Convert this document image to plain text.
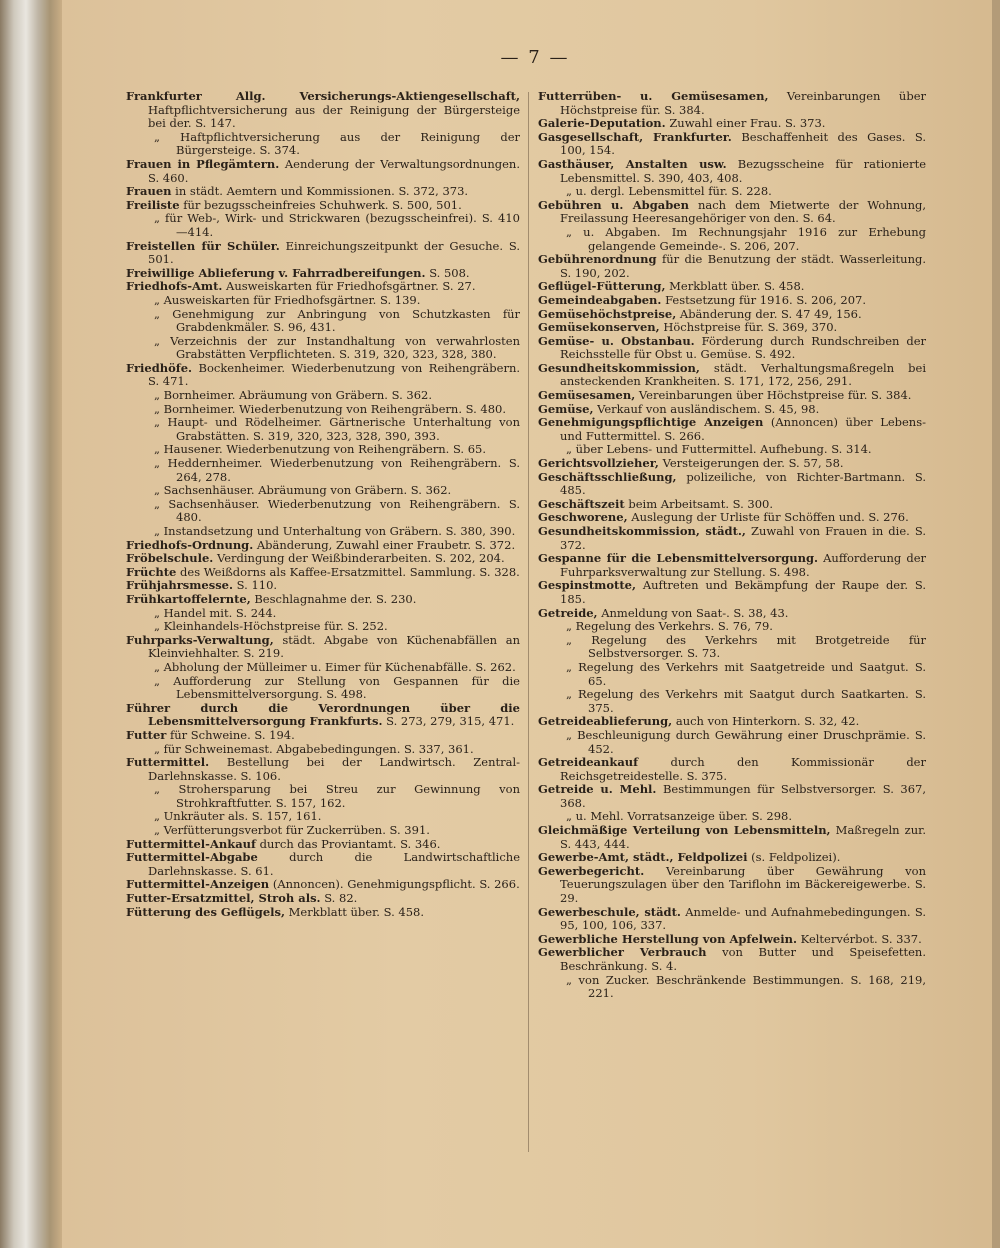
— 7 —

Frankfurter Allg. Versicherungs-Aktiengesellschaft, Haftpflichtversicherung aus der Reinigung der Bürgersteige bei der. S. 147.

„ Haftpflichtversicherung aus der Reinigung der Bürgersteige. S. 374.

Frauen in Pflegämtern. Aenderung der Verwaltungsordnungen. S. 460.

Frauen in städt. Aemtern und Kommissionen. S. 372, 373.

Freiliste für bezugsscheinfreies Schuhwerk. S. 500, 501.

„ für Web-, Wirk- und Strickwaren (bezugsscheinfrei). S. 410—414.

Freistellen für Schüler. Einreichungszeitpunkt der Gesuche. S. 501.

Freiwillige Ablieferung v. Fahrradbereifungen. S. 508.

Friedhofs-Amt. Ausweiskarten für Friedhofsgärtner. S. 27.

„ Ausweiskarten für Friedhofsgärtner. S. 139.

„ Genehmigung zur Anbringung von Schutzkasten für Grabdenkmäler. S. 96, 431.

„ Verzeichnis der zur Instandhaltung von verwahrlosten Grabstätten Verpflichteten. S. 319, 320, 323, 328, 380.

Friedhöfe. Bockenheimer. Wiederbenutzung von Reihengräbern. S. 471.

„ Bornheimer. Abräumung von Gräbern. S. 362.

„ Bornheimer. Wiederbenutzung von Reihengräbern. S. 480.

„ Haupt- und Rödelheimer. Gärtnerische Unterhaltung von Grabstätten. S. 319, 320, 323, 328, 390, 393.

„ Hausener. Wiederbenutzung von Reihengräbern. S. 65.

„ Heddernheimer. Wiederbenutzung von Reihengräbern. S. 264, 278.

„ Sachsenhäuser. Abräumung von Gräbern. S. 362.

„ Sachsenhäuser. Wiederbenutzung von Reihengräbern. S. 480.

„ Instandsetzung und Unterhaltung von Gräbern. S. 380, 390.

Friedhofs-Ordnung. Abänderung, Zuwahl einer Fraubetr. S. 372.

Fröbelschule. Verdingung der Weißbinderarbeiten. S. 202, 204.

Früchte des Weißdorns als Kaffee-Ersatzmittel. Sammlung. S. 328.

Frühjahrsmesse. S. 110.

Frühkartoffelernte, Beschlagnahme der. S. 230.

„ Handel mit. S. 244.

„ Kleinhandels-Höchstpreise für. S. 252.

Fuhrparks-Verwaltung, städt. Abgabe von Küchenabfällen an Kleinviehhalter. S. 219.

„ Abholung der Mülleimer u. Eimer für Küchenabfälle. S. 262.

„ Aufforderung zur Stellung von Gespannen für die Lebensmittelversorgung. S. 498.

Führer durch die Verordnungen über die Lebensmittelversorgung Frankfurts. S. 273, 279, 315, 471.

Futter für Schweine. S. 194.

„ für Schweinemast. Abgabebedingungen. S. 337, 361.

Futtermittel. Bestellung bei der Landwirtsch. Zentral-Darlehnskasse. S. 106.

„ Strohersparung bei Streu zur Gewinnung von Strohkraftfutter. S. 157, 162.

„ Unkräuter als. S. 157, 161.

„ Verfütterungsverbot für Zuckerrüben. S. 391.

Futtermittel-Ankauf durch das Proviantamt. S. 346.

Futtermittel-Abgabe	durch die Landwirtschaftliche Darlehnskasse. S. 61.

Futtermittel-Anzeigen (Annoncen). Genehmigungspflicht. S. 266.

Futter-Ersatzmittel, Stroh als. S. 82.

Fütterung des Geflügels, Merkblatt über. S. 458.

Futterrüben- u. Gemüsesamen, Vereinbarungen über Höchstpreise für. S. 384.

Galerie-Deputation. Zuwahl einer Frau. S. 373.

Gasgesellschaft, Frankfurter. Beschaffenheit des Gases. S. 100, 154.

Gasthäuser, Anstalten usw. Bezugsscheine für rationierte Lebensmittel. S. 390, 403, 408.

„ u. dergl. Lebensmittel für. S. 228.

Gebühren u. Abgaben nach dem Mietwerte der Wohnung, Freilassung Heeresangehöriger von den. S. 64.

„ u. Abgaben. Im Rechnungsjahr 1916 zur Erhebung gelangende Gemeinde-. S. 206, 207.

Gebührenordnung für die Benutzung der städt. Wasserleitung. S. 190, 202.

Geflügel-Fütterung, Merkblatt über. S. 458.

Gemeindeabgaben. Festsetzung für 1916. S. 206, 207.

Gemüsehöchstpreise, Abänderung der. S. 47 49, 156.

Gemüsekonserven, Höchstpreise für. S. 369, 370.

Gemüse- u. Obstanbau. Förderung durch Rundschreiben der Reichsstelle für Obst u. Gemüse. S. 492.

Gesundheitskommission, städt. Verhaltungsmaßregeln bei ansteckenden Krankheiten. S. 171, 172, 256, 291.

Gemüsesamen, Vereinbarungen über Höchstpreise für. S. 384.

Gemüse, Verkauf von ausländischem. S. 45, 98.

Genehmigungspflichtige Anzeigen (Annoncen) über Lebens- und Futtermittel. S. 266.

„ über Lebens- und Futtermittel. Aufhebung. S. 314.

Gerichtsvollzieher, Versteigerungen der. S. 57, 58.

Geschäftsschließung, polizeiliche, von Richter-Bartmann. S. 485.

Geschäftszeit beim Arbeitsamt. S. 300.

Geschworene, Auslegung der Urliste für Schöffen und. S. 276.

Gesundheitskommission, städt., Zuwahl von Frauen in die. S. 372.

Gespanne für die Lebensmittelversorgung. Aufforderung der Fuhrparksverwaltung zur Stellung. S. 498.

Gespinstmotte, Auftreten und Bekämpfung der Raupe der. S. 185.

Getreide, Anmeldung von Saat-. S. 38, 43.

„ Regelung des Verkehrs. S. 76, 79.

„ Regelung des Verkehrs mit Brotgetreide für Selbstversorger. S. 73.

„ Regelung des Verkehrs mit Saatgetreide und Saatgut. S. 65.

„ Regelung des Verkehrs mit Saatgut durch Saatkarten. S. 375.

Getreideablieferung, auch von Hinterkorn. S. 32, 42.

„ Beschleunigung durch Gewährung einer Druschprämie. S. 452.

Getreideankauf	durch den Kommissionär der Reichsgetreidestelle. S. 375.

Getreide u. Mehl. Bestimmungen für Selbstversorger. S. 367, 368.

„ u. Mehl. Vorratsanzeige über. S. 298.

Gleichmäßige Verteilung von Lebensmitteln, Maßregeln zur. S. 443, 444.

Gewerbe-Amt, städt., Feldpolizei (s. Feldpolizei).

Gewerbegericht. Vereinbarung über Gewährung von Teuerungszulagen über den Tariflohn im Bäckereigewerbe. S. 29.

Gewerbeschule, städt. Anmelde- und Aufnahmebedingungen. S. 95, 100, 106, 337.

Gewerbliche Herstellung von Apfelwein. Keltervérbot. S. 337.

Gewerblicher Verbrauch von Butter und Speisefetten. Beschränkung. S. 4.

„ von Zucker. Beschränkende Bestimmungen. S. 168, 219, 221.
